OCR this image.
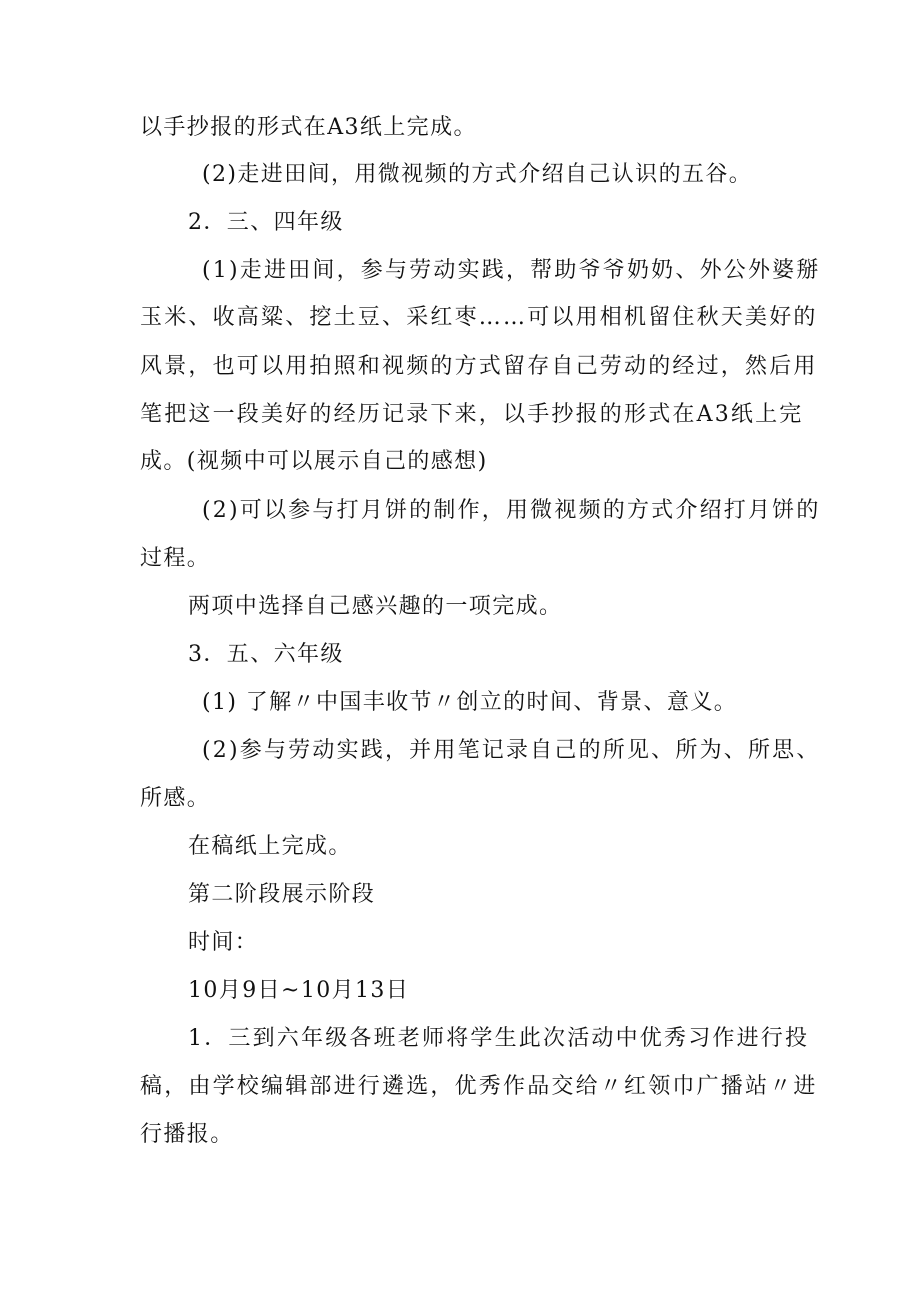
以手抄报的形式在A3纸上完成。
(2)走进田间，用微视频的方式介绍自己认识的五谷。
2．三、四年级
(1)走进田间，参与劳动实践，帮助爷爷奶奶、外公外婆掰
玉米、收高粱、挖土豆、采红枣……可以用相机留住秋天美好的
风景，也可以用拍照和视频的方式留存自己劳动的经过，然后用
笔把这一段美好的经历记录下来，以手抄报的形式在A3纸上完
成。(视频中可以展示自己的感想)
(2)可以参与打月饼的制作，用微视频的方式介绍打月饼的
过程。
两项中选择自己感兴趣的一项完成。
3．五、六年级
(1) 了解〃中国丰收节〃创立的时间、背景、意义。
(2)参与劳动实践，并用笔记录自己的所见、所为、所思、
所感。
在稿纸上完成。
第二阶段展示阶段
时间：
10月9日~10月13日
1．三到六年级各班老师将学生此次活动中优秀习作进行投
稿，由学校编辑部进行遴选，优秀作品交给〃红领巾广播站〃进
行播报。
